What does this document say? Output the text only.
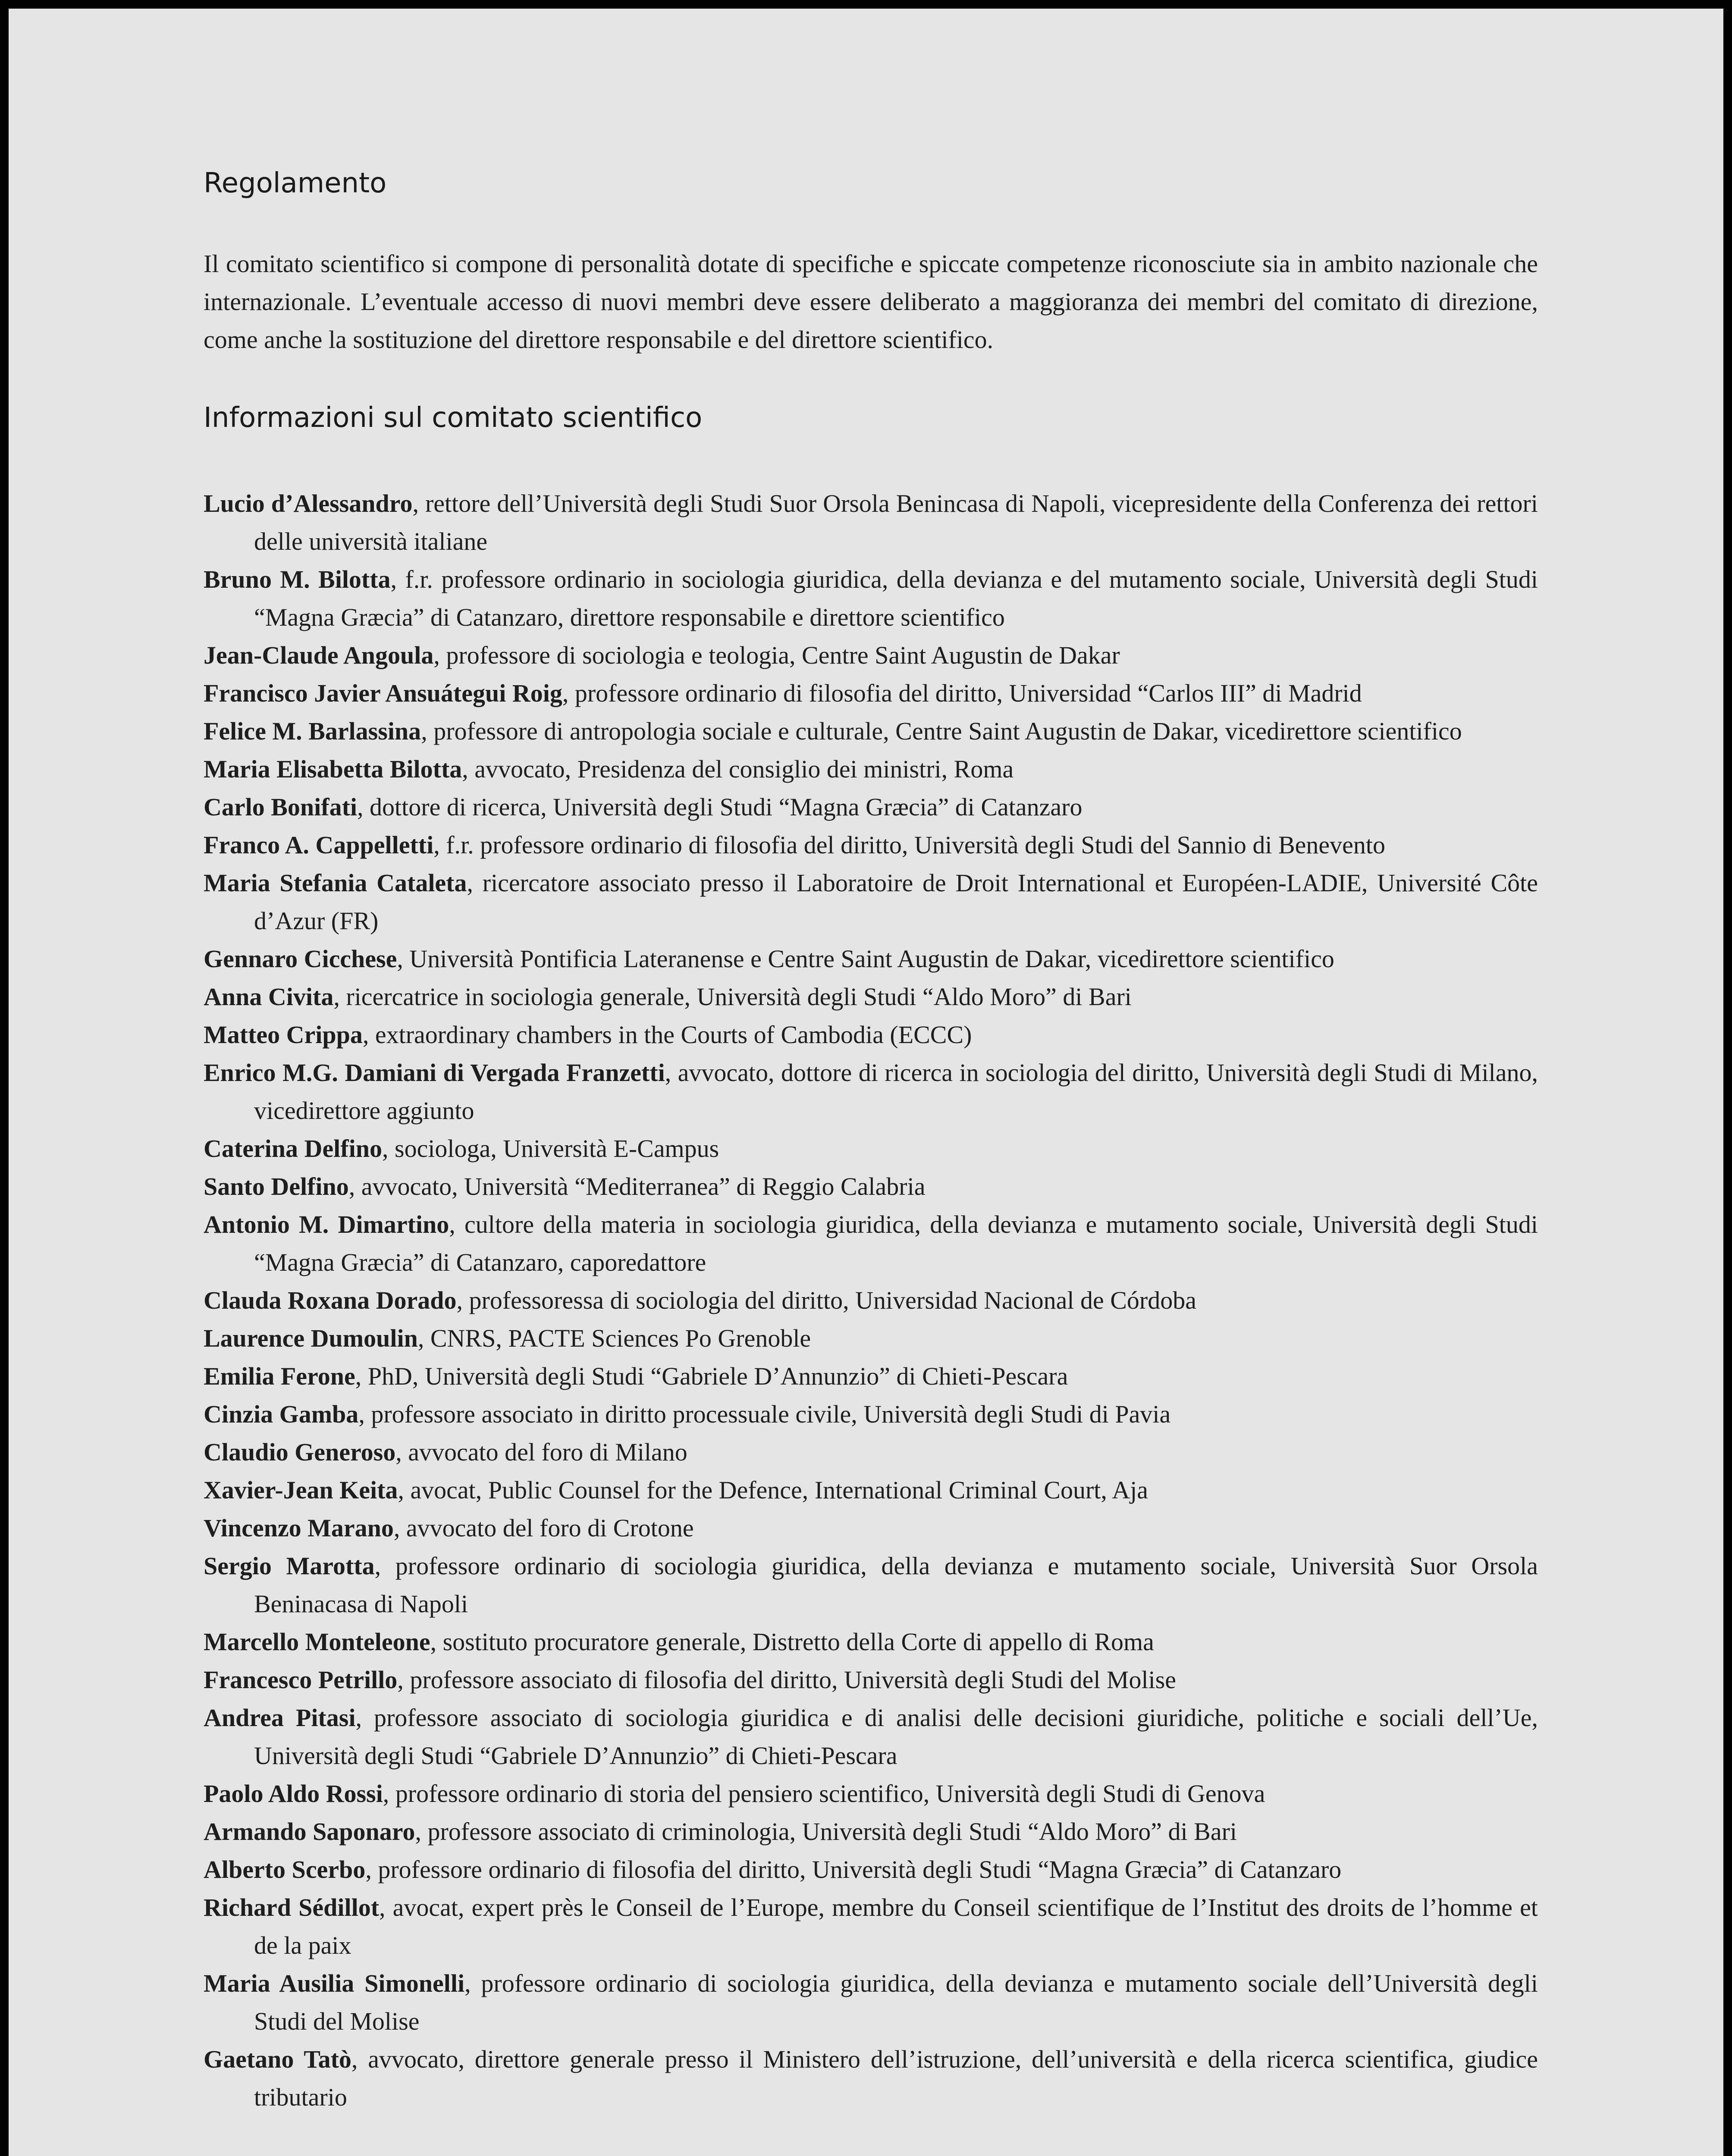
Regolamento

Il comitato scientifico si compone di personalità dotate di specifiche e spiccate competenze riconosciute sia in ambito nazionale che internazionale. L’eventuale accesso di nuovi membri deve essere deliberato a maggioranza dei membri del comitato di direzione, come anche la sostituzione del direttore responsabile e del direttore scientifico.

Informazioni sul comitato scientifico
Lucio d’Alessandro, rettore dell’Università degli Studi Suor Orsola Benincasa di Napoli, vicepresidente della Conferenza dei rettori delle università italiane
Bruno M. Bilotta, f.r. professore ordinario in sociologia giuridica, della devianza e del mutamento sociale, Università degli Studi “Magna Græcia” di Catanzaro, direttore responsabile e direttore scientifico
Jean-Claude Angoula, professore di sociologia e teologia, Centre Saint Augustin de Dakar
Francisco Javier Ansuátegui Roig, professore ordinario di filosofia del diritto, Universidad “Carlos III” di Madrid
Felice M. Barlassina, professore di antropologia sociale e culturale, Centre Saint Augustin de Dakar, vicedirettore scientifico
Maria Elisabetta Bilotta, avvocato, Presidenza del consiglio dei ministri, Roma
Carlo Bonifati, dottore di ricerca, Università degli Studi “Magna Græcia” di Catanzaro
Franco A. Cappelletti, f.r. professore ordinario di filosofia del diritto, Università degli Studi del Sannio di Benevento
Maria Stefania Cataleta, ricercatore associato presso il Laboratoire de Droit International et Européen-LADIE, Université Côte d’Azur (FR)
Gennaro Cicchese, Università Pontificia Lateranense e Centre Saint Augustin de Dakar, vicedirettore scientifico
Anna Civita, ricercatrice in sociologia generale, Università degli Studi “Aldo Moro” di Bari
Matteo Crippa, extraordinary chambers in the Courts of Cambodia (ECCC)
Enrico M.G. Damiani di Vergada Franzetti, avvocato, dottore di ricerca in sociologia del diritto, Università degli Studi di Milano, vicedirettore aggiunto
Caterina Delfino, sociologa, Università E-Campus
Santo Delfino, avvocato, Università “Mediterranea” di Reggio Calabria
Antonio M. Dimartino, cultore della materia in sociologia giuridica, della devianza e mutamento sociale, Università degli Studi “Magna Græcia” di Catanzaro, caporedattore
Clauda Roxana Dorado, professoressa di sociologia del diritto, Universidad Nacional de Córdoba
Laurence Dumoulin, CNRS, PACTE Sciences Po Grenoble
Emilia Ferone, PhD, Università degli Studi “Gabriele D’Annunzio” di Chieti-Pescara
Cinzia Gamba, professore associato in diritto processuale civile, Università degli Studi di Pavia
Claudio Generoso, avvocato del foro di Milano
Xavier-Jean Keita, avocat, Public Counsel for the Defence, International Criminal Court, Aja
Vincenzo Marano, avvocato del foro di Crotone
Sergio Marotta, professore ordinario di sociologia giuridica, della devianza e mutamento sociale, Università Suor Orsola Beninacasa di Napoli
Marcello Monteleone, sostituto procuratore generale, Distretto della Corte di appello di Roma
Francesco Petrillo, professore associato di filosofia del diritto, Università degli Studi del Molise
Andrea Pitasi, professore associato di sociologia giuridica e di analisi delle decisioni giuridiche, politiche e sociali dell’Ue, Università degli Studi “Gabriele D’Annunzio” di Chieti-Pescara
Paolo Aldo Rossi, professore ordinario di storia del pensiero scientifico, Università degli Studi di Genova
Armando Saponaro, professore associato di criminologia, Università degli Studi “Aldo Moro” di Bari
Alberto Scerbo, professore ordinario di filosofia del diritto, Università degli Studi “Magna Græcia” di Catanzaro
Richard Sédillot, avocat, expert près le Conseil de l’Europe, membre du Conseil scientifique de l’Institut des droits de l’homme et de la paix
Maria Ausilia Simonelli, professore ordinario di sociologia giuridica, della devianza e mutamento sociale dell’Università degli Studi del Molise
Gaetano Tatò, avvocato, direttore generale presso il Ministero dell’istruzione, dell’università e della ricerca scientifica, giudice tributario
